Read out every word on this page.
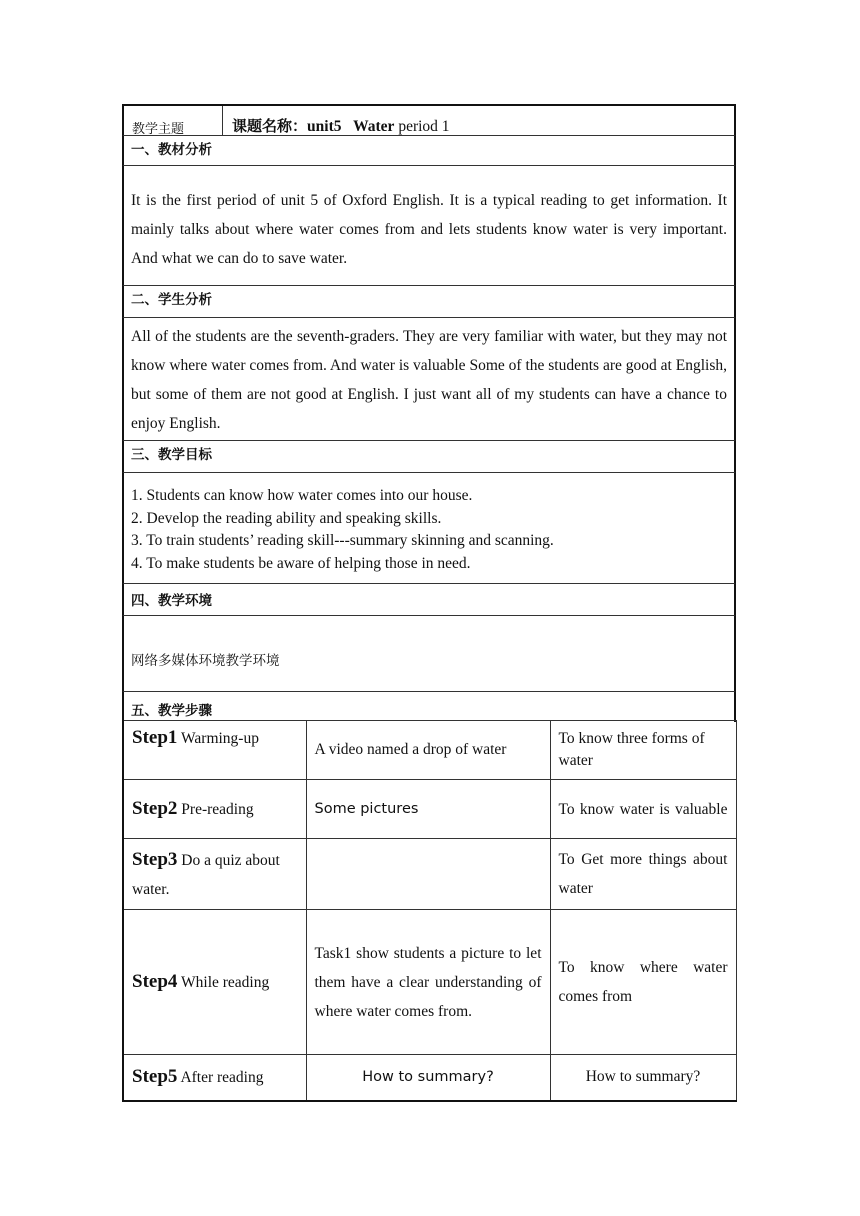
教学主题	课题名称：unit5 Water period 1
一、教材分析
It is the first period of unit 5 of Oxford English. It is a typical reading to get information. It mainly talks about where water comes from and lets students know water is very important. And what we can do to save water.
二、学生分析
All of the students are the seventh-graders. They are very familiar with water, but they may not know where water comes from. And water is valuable Some of the students are good at English, but some of them are not good at English. I just want all of my students can have a chance to enjoy English.
三、教学目标
1. Students can know how water comes into our house.
2. Develop the reading ability and speaking skills.
3. To train students’ reading skill---summary skinning and scanning.
4. To make students be aware of helping those in need.
四、教学环境
网络多媒体环境教学环境
五、教学步骤
Step1 Warming-up	A video named a drop of water	To know three forms of water
Step2 Pre-reading	Some pictures	To know water is valuable

Step3 Do a quiz about water.		To Get more things about water
Step4 While reading	Task1 show students a picture to let them have a clear understanding of where water comes from.	To know where water comes from
Step5 After reading	How to summary?	How to summary?
